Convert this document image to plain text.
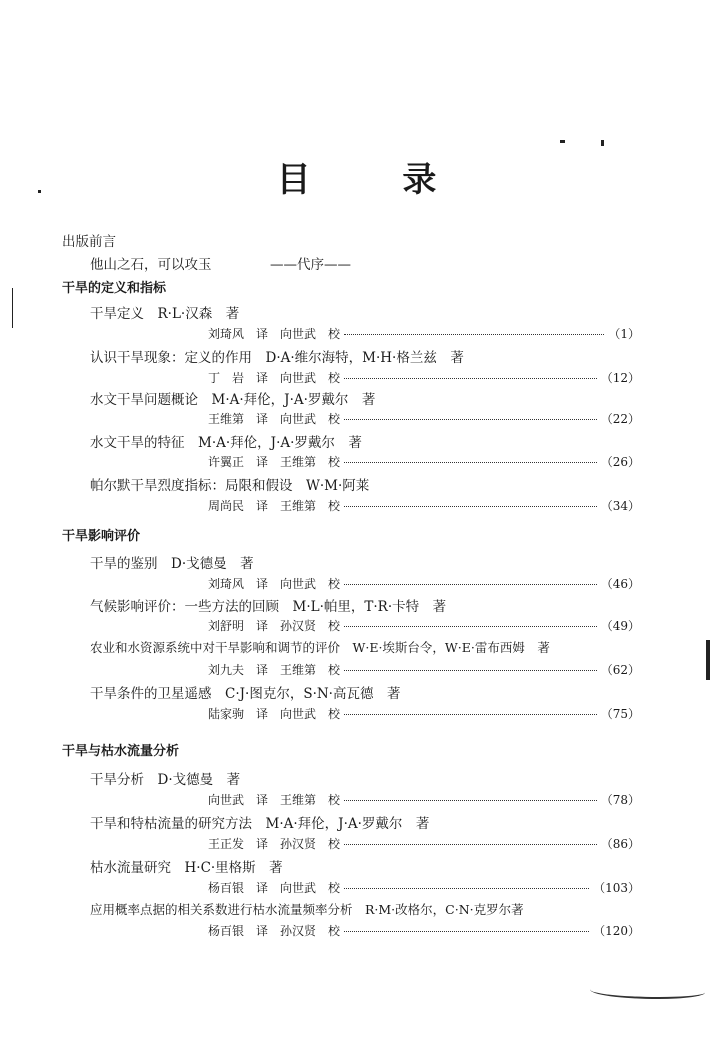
目 录
出版前言
他山之石，可以攻玉	——代序——
干旱的定义和指标
干旱定义　R·L·汉森　著
刘琦风　译　向世武　校	（1）
认识干旱现象：定义的作用　D·A·维尔海特，M·H·格兰兹　著
丁　岩　译　向世武　校	（12）
水文干旱问题概论　M·A·拜伦，J·A·罗戴尔　著
王维第　译　向世武　校	（22）
水文干旱的特征　M·A·拜伦，J·A·罗戴尔　著
许翼正　译　王维第　校	（26）
帕尔默干旱烈度指标：局限和假设　W·M·阿莱
周尚民　译　王维第　校	（34）
干旱影响评价
干旱的鉴别　D·戈德曼　著
刘琦风　译　向世武　校	（46）
气候影响评价：一些方法的回顾　M·L·帕里，T·R·卡特　著
刘舒明　译　孙汉贤　校	（49）
农业和水资源系统中对干旱影响和调节的评价　W·E·埃斯台令，W·E·雷布西姆　著
刘九夫　译　王维第　校	（62）
干旱条件的卫星遥感　C·J·图克尔，S·N·高瓦德　著
陆家驹　译　向世武　校	（75）
干旱与枯水流量分析
干旱分析　D·戈德曼　著
向世武　译　王维第　校	（78）
干旱和特枯流量的研究方法　M·A·拜伦，J·A·罗戴尔　著
王正发　译　孙汉贤　校	（86）
枯水流量研究　H·C·里格斯　著
杨百银　译　向世武　校	（103）
应用概率点据的相关系数进行枯水流量频率分析　R·M·改格尔，C·N·克罗尔著
杨百银　译　孙汉贤　校	（120）
